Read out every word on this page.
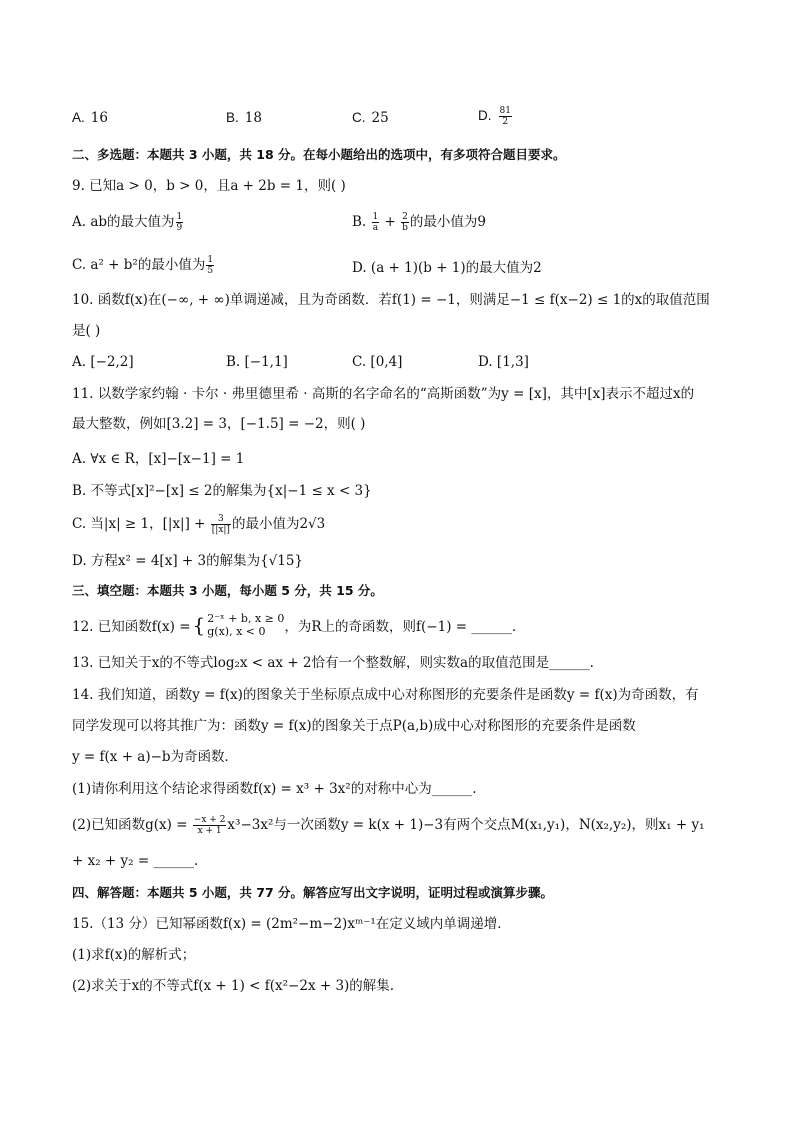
A. 16	B. 18	C. 25	D. $\frac{81}{2}$
二、多选题：本题共 3 小题，共 18 分。在每小题给出的选项中，有多项符合题目要求。
9. 已知a > 0，b > 0，且a + 2b = 1，则( )
A. ab的最大值为 $\frac{1}{9}$	B. $\frac{1}{a} + \frac{2}{b}$ 的最小值为9
C. a² + b²的最小值为 $\frac{1}{5}$	D. (a + 1)(b + 1)的最大值为2
10. 函数f(x)在(−∞, + ∞)单调递减，且为奇函数．若f(1) = −1，则满足−1 ≤ f(x−2) ≤ 1的x的取值范围
是( )
A. [−2,2]	B. [−1,1]	C. [0,4]	D. [1,3]
11. 以数学家约翰 · 卡尔 · 弗里德里希 · 高斯的名字命名的“高斯函数”为y = [x]，其中[x]表示不超过x的
最大整数，例如[3.2] = 3，[−1.5] = −2，则( )
A. ∀x ∈ R，[x]−[x−1] = 1
B. 不等式[x]²−[x] ≤ 2的解集为{x|−1 ≤ x < 3}
C. 当|x| ≥ 1，$[|x|] + \frac{3}{[|x|]}$ 的最小值为2√3
D. 方程x² = 4[x] + 3的解集为{√15}
三、填空题：本题共 3 小题，每小题 5 分，共 15 分。
12. 已知函数f(x) = { 2⁻ˣ + b, x ≥ 0
g(x), x < 0	，为R上的奇函数，则f(−1) = ______.
13. 已知关于x的不等式log₂x < ax + 2恰有一个整数解，则实数a的取值范围是______.
14. 我们知道，函数y = f(x)的图象关于坐标原点成中心对称图形的充要条件是函数y = f(x)为奇函数，有
同学发现可以将其推广为：函数y = f(x)的图象关于点P(a,b)成中心对称图形的充要条件是函数
y = f(x + a)−b为奇函数．
(1)请你利用这个结论求得函数f(x) = x³ + 3x²的对称中心为______.
(2)已知函数$g(x) = \frac{-x + 2}{x + 1} x^3-3x^2$与一次函数y = k(x + 1)−3有两个交点M(x₁,y₁)，N(x₂,y₂)，则x₁ + y₁
+ x₂ + y₂ = ______.
四、解答题：本题共 5 小题，共 77 分。解答应写出文字说明，证明过程或演算步骤。
15.（13 分）已知幂函数f(x) = (2m²−m−2)xᵐ⁻¹在定义域内单调递增．
(1)求f(x)的解析式；
(2)求关于x的不等式f(x + 1) < f(x²−2x + 3)的解集.
